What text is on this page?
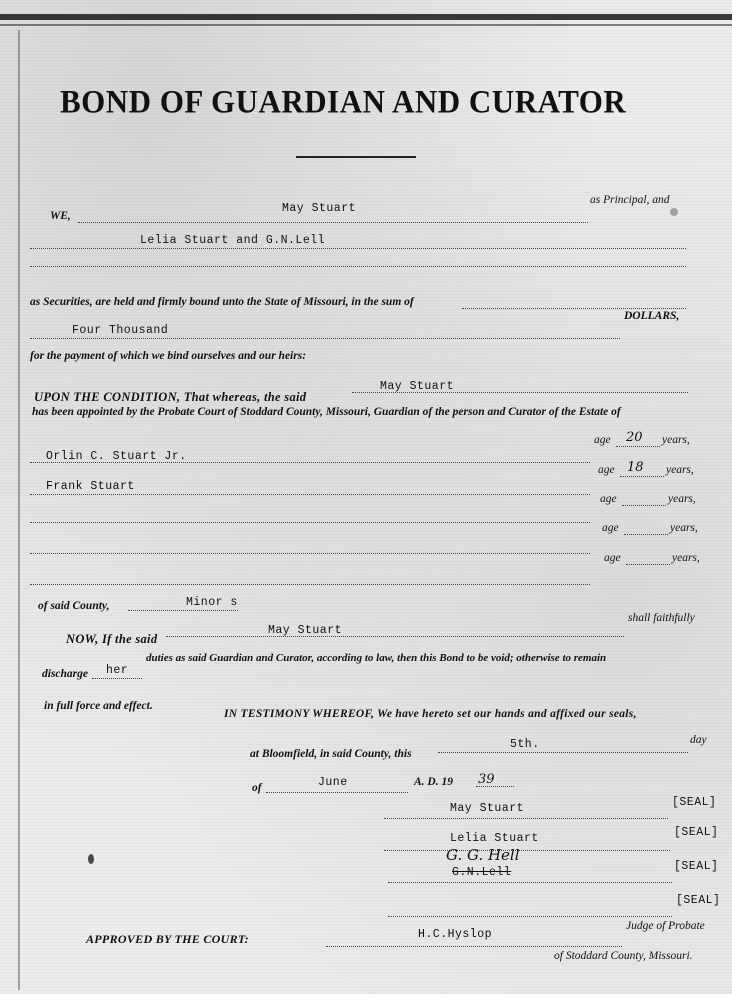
BOND OF GUARDIAN AND CURATOR
WE,
May Stuart
as Principal, and
Lelia Stuart and G.N.Lell
as Securities, are held and firmly bound unto the State of Missouri, in the sum of
Four Thousand
DOLLARS,
for the payment of which we bind ourselves and our heirs:
UPON THE CONDITION, That whereas, the said
May Stuart
has been appointed by the Probate Court of Stoddard County, Missouri, Guardian of the person and Curator of the Estate of
Orlin C. Stuart Jr.
age 20 years,
Frank Stuart
age 18 years,
age	years,
age	years,
age	years,
of said County,	Minor s
NOW, If the said
May Stuart
shall faithfully
discharge her
duties as said Guardian and Curator, according to law, then this Bond to be void; otherwise to remain
in full force and effect.
IN TESTIMONY WHEREOF, We have hereto set our hands and affixed our seals,
at Bloomfield, in said County, this
5th.	day
of	June	A. D. 19 39
May Stuart	[SEAL]
Lelia Stuart	[SEAL]
G. G. Hell
G.N.Lell	[SEAL]
[SEAL]
APPROVED BY THE COURT:	H.C.Hyslop
Judge of Probate
of Stoddard County, Missouri.
